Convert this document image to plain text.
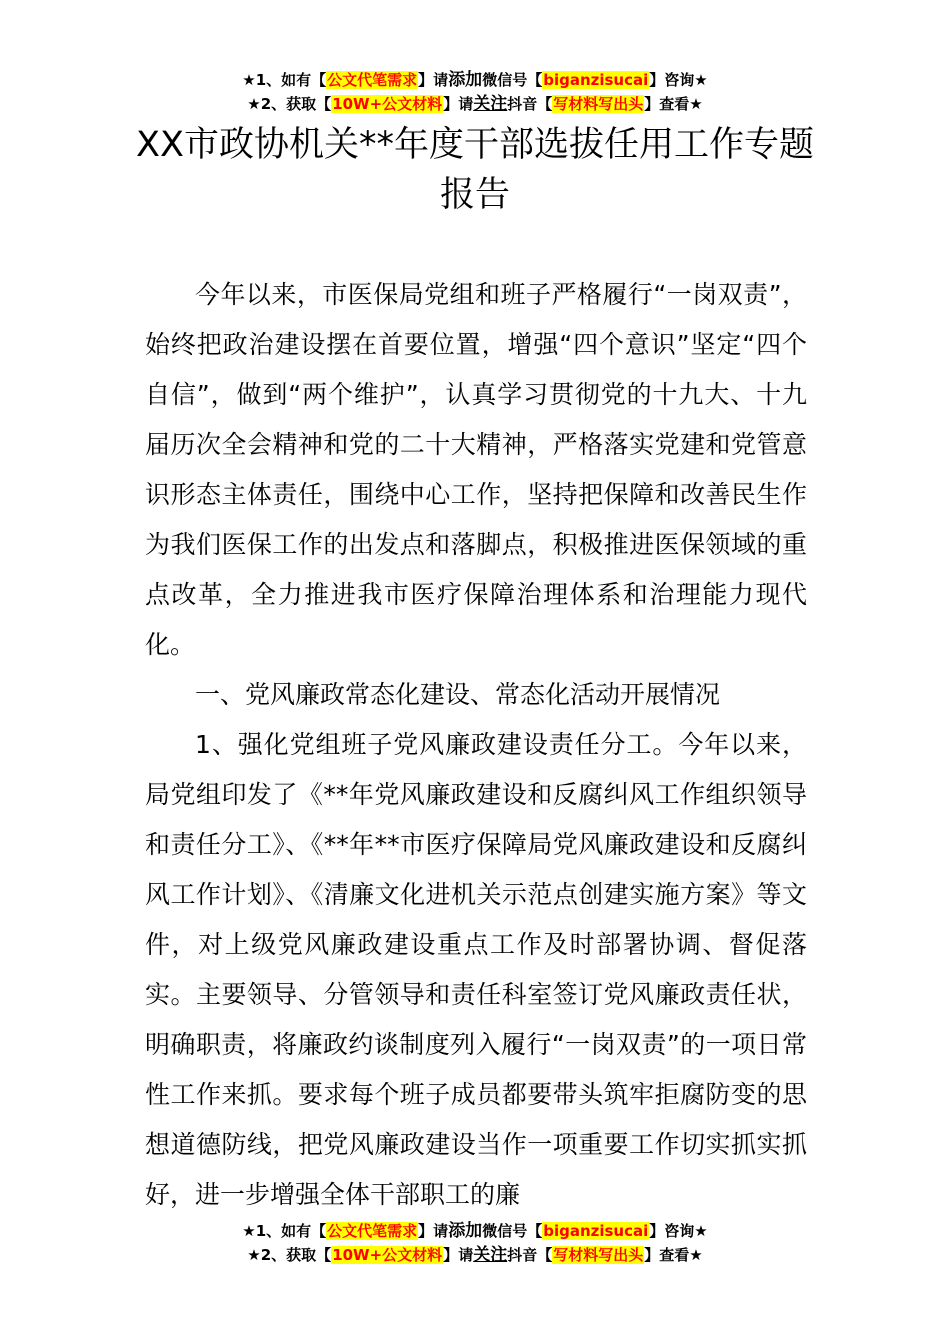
★1、如有【公文代笔需求】请添加微信号【biganzisucai】咨询★
★2、获取【10W+公文材料】请关注抖音【写材料写出头】查看★
XX市政协机关**年度干部选拔任用工作专题报告

今年以来，市医保局党组和班子严格履行“一岗双责”，始终把政治建设摆在首要位置，增强“四个意识”坚定“四个自信”，做到“两个维护”，认真学习贯彻党的十九大、十九届历次全会精神和党的二十大精神，严格落实党建和党管意识形态主体责任，围绕中心工作，坚持把保障和改善民生作为我们医保工作的出发点和落脚点，积极推进医保领域的重点改革，全力推进我市医疗保障治理体系和治理能力现代化。

一、党风廉政常态化建设、常态化活动开展情况

1、强化党组班子党风廉政建设责任分工。今年以来，局党组印发了《**年党风廉政建设和反腐纠风工作组织领导和责任分工》、《**年**市医疗保障局党风廉政建设和反腐纠风工作计划》、《清廉文化进机关示范点创建实施方案》等文件，对上级党风廉政建设重点工作及时部署协调、督促落实。主要领导、分管领导和责任科室签订党风廉政责任状，明确职责，将廉政约谈制度列入履行“一岗双责”的一项日常性工作来抓。要求每个班子成员都要带头筑牢拒腐防变的思想道德防线，把党风廉政建设当作一项重要工作切实抓实抓好，进一步增强全体干部职工的廉

★1、如有【公文代笔需求】请添加微信号【biganzisucai】咨询★
★2、获取【10W+公文材料】请关注抖音【写材料写出头】查看★
